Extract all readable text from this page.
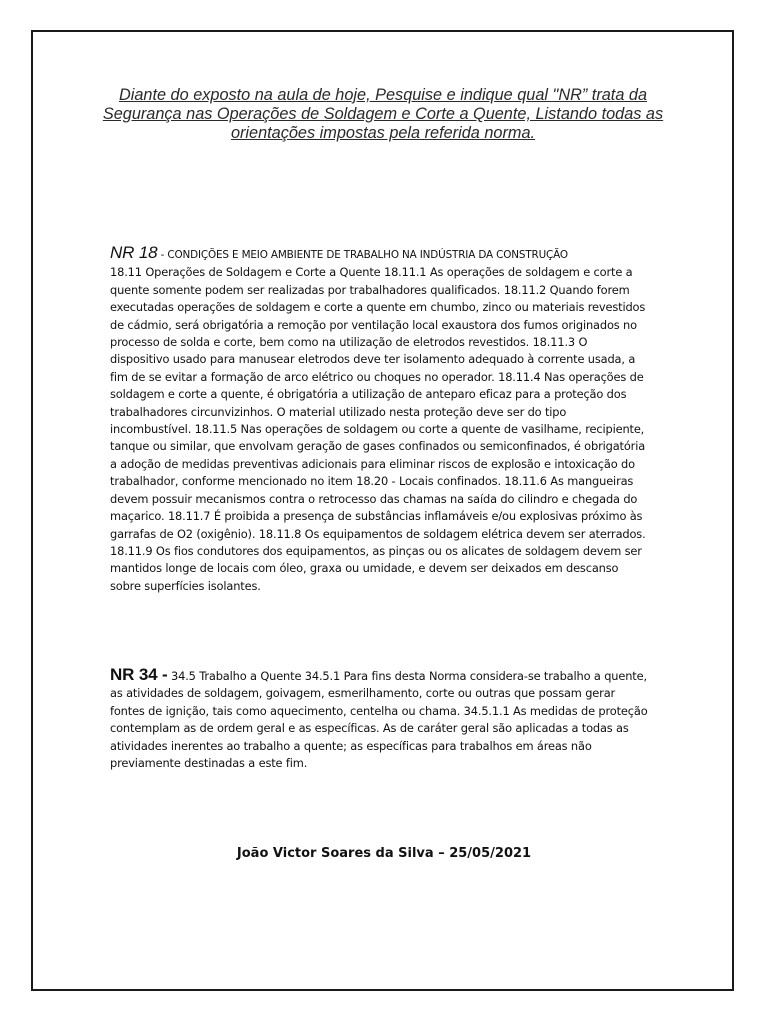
Diante do exposto na aula de hoje, Pesquise e indique qual "NR” trata da Segurança nas Operações de Soldagem e Corte a Quente, Listando todas as orientações impostas pela referida norma.

NR 18 - CONDIÇÕES E MEIO AMBIENTE DE TRABALHO NA INDÚSTRIA DA CONSTRUÇÃO
18.11 Operações de Soldagem e Corte a Quente 18.11.1 As operações de soldagem e corte a quente somente podem ser realizadas por trabalhadores qualificados. 18.11.2 Quando forem executadas operações de soldagem e corte a quente em chumbo, zinco ou materiais revestidos de cádmio, será obrigatória a remoção por ventilação local exaustora dos fumos originados no processo de solda e corte, bem como na utilização de eletrodos revestidos. 18.11.3 O dispositivo usado para manusear eletrodos deve ter isolamento adequado à corrente usada, a fim de se evitar a formação de arco elétrico ou choques no operador. 18.11.4 Nas operações de soldagem e corte a quente, é obrigatória a utilização de anteparo eficaz para a proteção dos trabalhadores circunvizinhos. O material utilizado nesta proteção deve ser do tipo incombustível. 18.11.5 Nas operações de soldagem ou corte a quente de vasilhame, recipiente, tanque ou similar, que envolvam geração de gases confinados ou semiconfinados, é obrigatória a adoção de medidas preventivas adicionais para eliminar riscos de explosão e intoxicação do trabalhador, conforme mencionado no item 18.20 - Locais confinados. 18.11.6 As mangueiras devem possuir mecanismos contra o retrocesso das chamas na saída do cilindro e chegada do maçarico. 18.11.7 É proibida a presença de substâncias inflamáveis e/ou explosivas próximo às garrafas de O2 (oxigênio). 18.11.8 Os equipamentos de soldagem elétrica devem ser aterrados. 18.11.9 Os fios condutores dos equipamentos, as pinças ou os alicates de soldagem devem ser mantidos longe de locais com óleo, graxa ou umidade, e devem ser deixados em descanso sobre superfícies isolantes.

NR 34 - 34.5 Trabalho a Quente 34.5.1 Para fins desta Norma considera-se trabalho a quente, as atividades de soldagem, goivagem, esmerilhamento, corte ou outras que possam gerar fontes de ignição, tais como aquecimento, centelha ou chama. 34.5.1.1 As medidas de proteção contemplam as de ordem geral e as específicas. As de caráter geral são aplicadas a todas as atividades inerentes ao trabalho a quente; as específicas para trabalhos em áreas não previamente destinadas a este fim.

João Victor Soares da Silva – 25/05/2021
